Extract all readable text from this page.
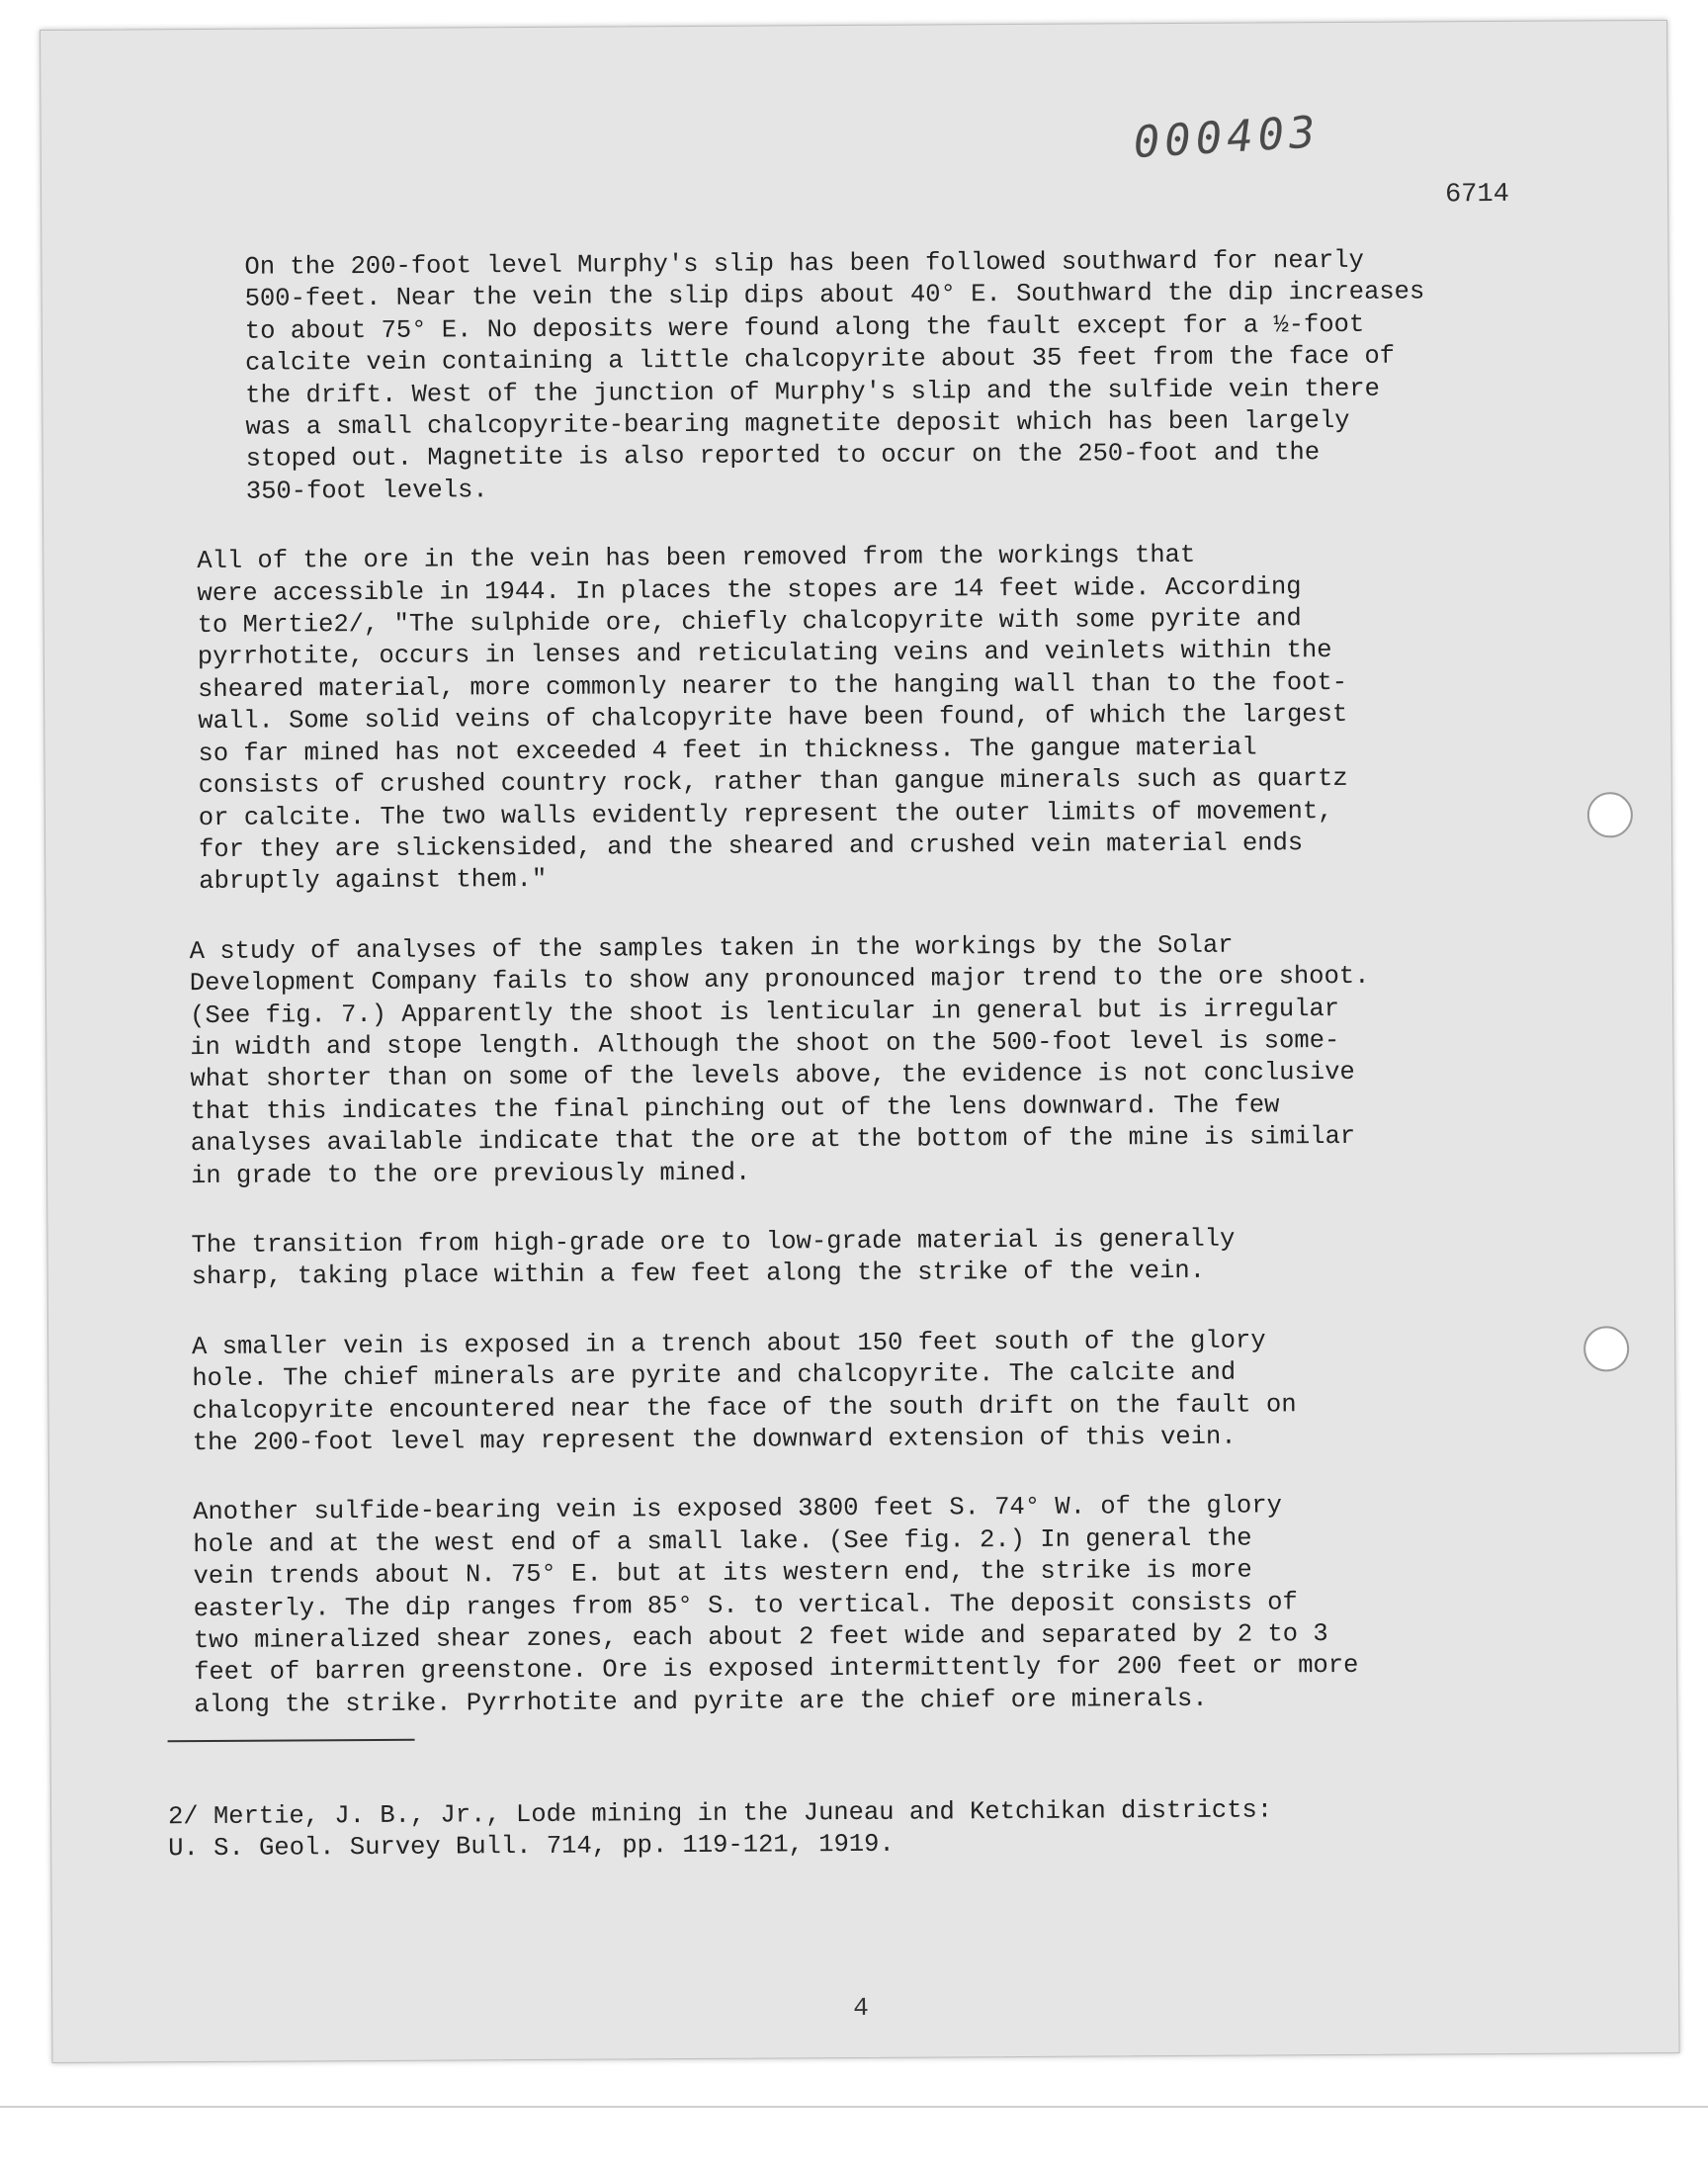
000403
6714

On the 200-foot level Murphy's slip has been followed southward for nearly
500-feet. Near the vein the slip dips about 40° E. Southward the dip increases
to about 75° E. No deposits were found along the fault except for a ½-foot
calcite vein containing a little chalcopyrite about 35 feet from the face of
the drift. West of the junction of Murphy's slip and the sulfide vein there
was a small chalcopyrite-bearing magnetite deposit which has been largely
stoped out. Magnetite is also reported to occur on the 250-foot and the
350-foot levels.

All of the ore in the vein has been removed from the workings that
were accessible in 1944. In places the stopes are 14 feet wide. According
to Mertie2/, "The sulphide ore, chiefly chalcopyrite with some pyrite and
pyrrhotite, occurs in lenses and reticulating veins and veinlets within the
sheared material, more commonly nearer to the hanging wall than to the foot-
wall. Some solid veins of chalcopyrite have been found, of which the largest
so far mined has not exceeded 4 feet in thickness. The gangue material
consists of crushed country rock, rather than gangue minerals such as quartz
or calcite. The two walls evidently represent the outer limits of movement,
for they are slickensided, and the sheared and crushed vein material ends
abruptly against them."

A study of analyses of the samples taken in the workings by the Solar
Development Company fails to show any pronounced major trend to the ore shoot.
(See fig. 7.) Apparently the shoot is lenticular in general but is irregular
in width and stope length. Although the shoot on the 500-foot level is some-
what shorter than on some of the levels above, the evidence is not conclusive
that this indicates the final pinching out of the lens downward. The few
analyses available indicate that the ore at the bottom of the mine is similar
in grade to the ore previously mined.

The transition from high-grade ore to low-grade material is generally
sharp, taking place within a few feet along the strike of the vein.

A smaller vein is exposed in a trench about 150 feet south of the glory
hole. The chief minerals are pyrite and chalcopyrite. The calcite and
chalcopyrite encountered near the face of the south drift on the fault on
the 200-foot level may represent the downward extension of this vein.

Another sulfide-bearing vein is exposed 3800 feet S. 74° W. of the glory
hole and at the west end of a small lake. (See fig. 2.) In general the
vein trends about N. 75° E. but at its western end, the strike is more
easterly. The dip ranges from 85° S. to vertical. The deposit consists of
two mineralized shear zones, each about 2 feet wide and separated by 2 to 3
feet of barren greenstone. Ore is exposed intermittently for 200 feet or more
along the strike. Pyrrhotite and pyrite are the chief ore minerals.

2/ Mertie, J. B., Jr., Lode mining in the Juneau and Ketchikan districts:
U. S. Geol. Survey Bull. 714, pp. 119-121, 1919.
4
